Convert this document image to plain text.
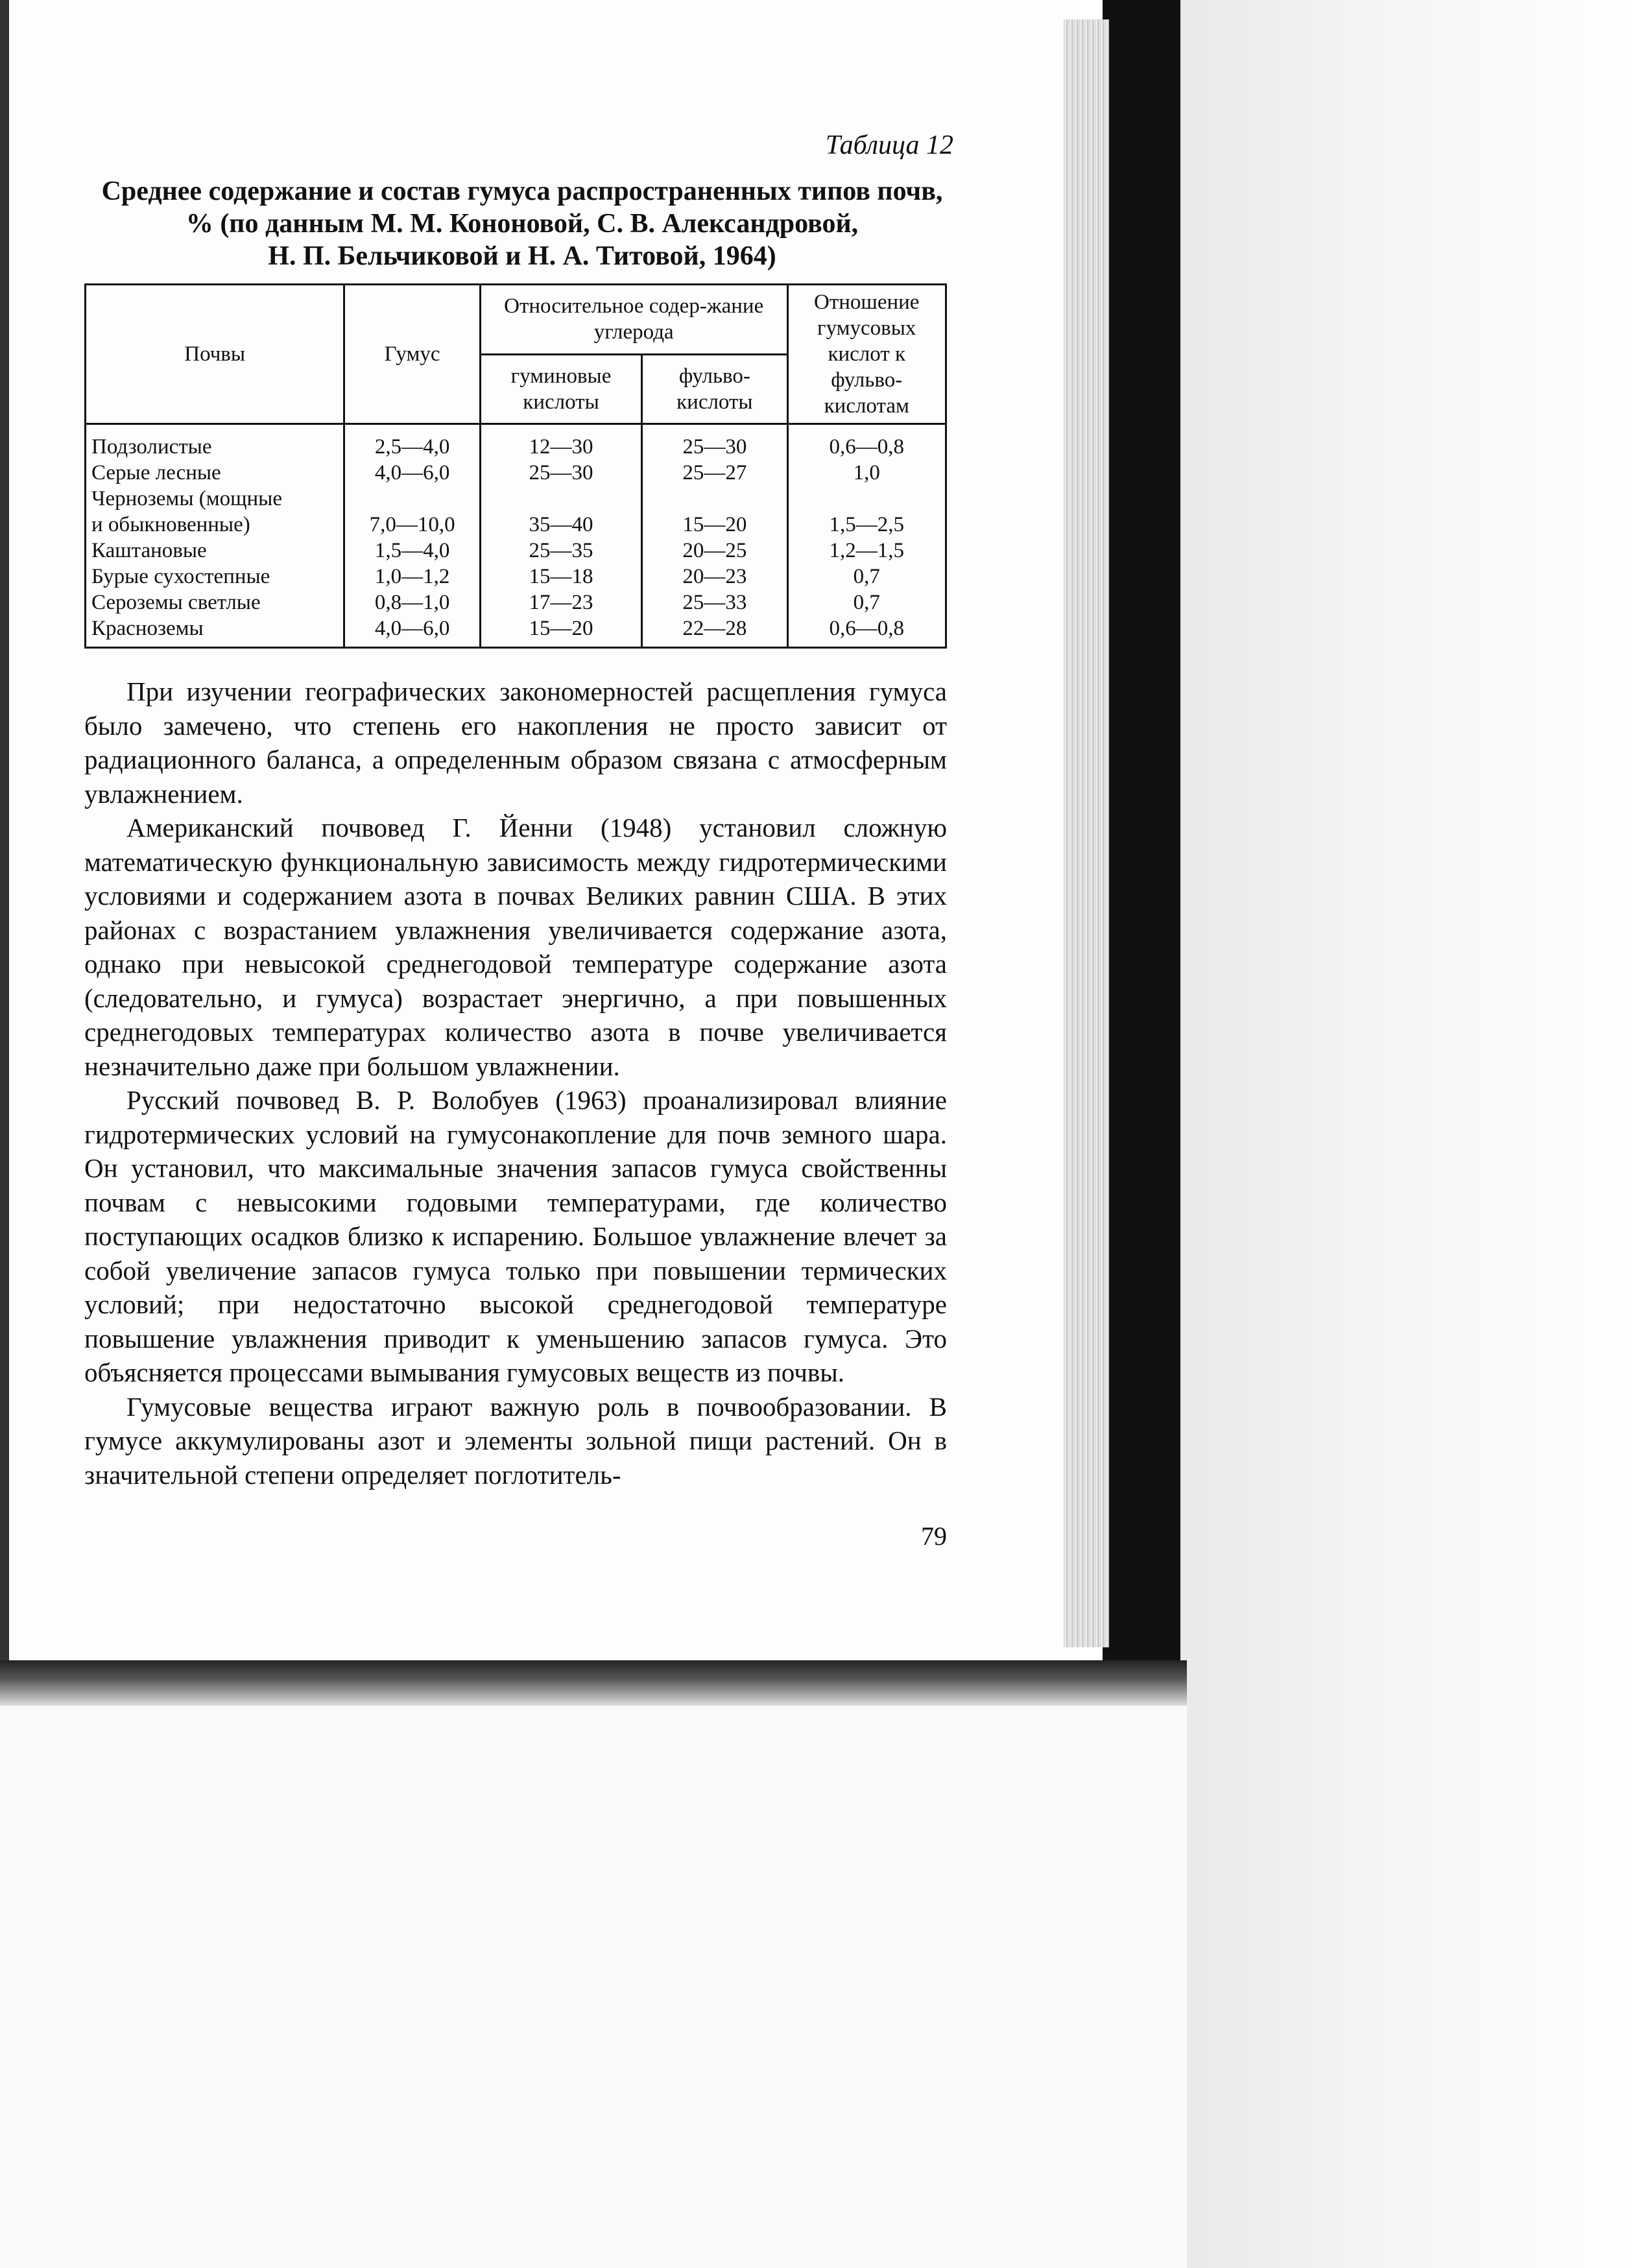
Таблица 12
Среднее содержание и состав гумуса распространенных типов почв,
% (по данным М. М. Кононовой, С. В. Александровой,
Н. П. Бельчиковой и Н. А. Титовой, 1964)
Почвы	Гумус	Относительное содер-жание углерода		Отношение гумусовых кислот к фульво-кислотам
		гуминовые кислоты	фульво-кислоты	
Подзолистые	2,5—4,0	12—30	25—30	0,6—0,8
Серые лесные	4,0—6,0	25—30	25—27	1,0
Черноземы (мощные				
и обыкновенные)	7,0—10,0	35—40	15—20	1,5—2,5
Каштановые	1,5—4,0	25—35	20—25	1,2—1,5
Бурые сухостепные	1,0—1,2	15—18	20—23	0,7
Сероземы светлые	0,8—1,0	17—23	25—33	0,7
Красноземы	4,0—6,0	15—20	22—28	0,6—0,8

При изучении географических закономерностей расщепления гумуса было замечено, что степень его накопления не просто зависит от радиационного баланса, а определенным образом связана с атмосферным увлажнением.

Американский почвовед Г. Йенни (1948) установил сложную математическую функциональную зависимость между гидротермическими условиями и содержанием азота в почвах Великих равнин США. В этих районах с возрастанием увлажнения увеличивается содержание азота, однако при невысокой среднегодовой температуре содержание азота (следовательно, и гумуса) возрастает энергично, а при повышенных среднегодовых температурах количество азота в почве увеличивается незначительно даже при большом увлажнении.

Русский почвовед В. Р. Волобуев (1963) проанализировал влияние гидротермических условий на гумусонакопление для почв земного шара. Он установил, что максимальные значения запасов гумуса свойственны почвам с невысокими годовыми температурами, где количество поступающих осадков близко к испарению. Большое увлажнение влечет за собой увеличение запасов гумуса только при повышении термических условий; при недостаточно высокой среднегодовой температуре повышение увлажнения приводит к уменьшению запасов гумуса. Это объясняется процессами вымывания гумусовых веществ из почвы.

Гумусовые вещества играют важную роль в почвообразовании. В гумусе аккумулированы азот и элементы зольной пищи растений. Он в значительной степени определяет поглотитель-

79
